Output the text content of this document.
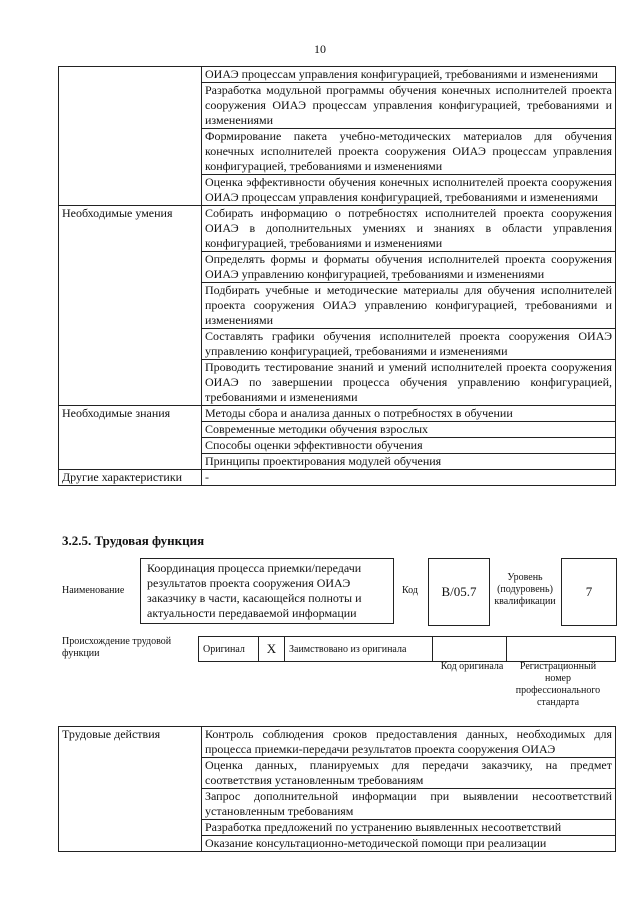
10
	ОИАЭ процессам управления конфигурацией, требованиями и изменениями
	Разработка модульной программы обучения конечных исполнителей проекта сооружения ОИАЭ процессам управления конфигурацией, требованиями и изменениями
	Формирование пакета учебно-методических материалов для обучения конечных исполнителей проекта сооружения ОИАЭ процессам управления конфигурацией, требованиями и изменениями
	Оценка эффективности обучения конечных исполнителей проекта сооружения ОИАЭ процессам управления конфигурацией, требованиями и изменениями
Необходимые умения	Собирать информацию о потребностях исполнителей проекта сооружения ОИАЭ в дополнительных умениях и знаниях в области управления конфигурацией, требованиями и изменениями
	Определять формы и форматы обучения исполнителей проекта сооружения ОИАЭ управлению конфигурацией, требованиями и изменениями
	Подбирать учебные и методические материалы для обучения исполнителей проекта сооружения ОИАЭ управлению конфигурацией, требованиями и изменениями
	Составлять графики обучения исполнителей проекта сооружения ОИАЭ управлению конфигурацией, требованиями и изменениями
	Проводить тестирование знаний и умений исполнителей проекта сооружения ОИАЭ по завершении процесса обучения управлению конфигурацией, требованиями и изменениями
Необходимые знания	Методы сбора и анализа данных о потребностях в обучении
	Современные методики обучения взрослых
	Способы оценки эффективности обучения
	Принципы проектирования модулей обучения
Другие характеристики	-
3.2.5. Трудовая функция
Наименование
Координация процесса приемки/передачи результатов проекта сооружения ОИАЭ заказчику в части, касающейся полноты и актуальности передаваемой информации
Код	B/05.7
Уровень (подуровень) квалификации
7
Происхождение трудовой функции	Оригинал	X	Заимствовано из оригинала
Код оригинала	Регистрационный номер профессионального стандарта
Трудовые действия	Контроль соблюдения сроков предоставления данных, необходимых для процесса приемки-передачи результатов проекта сооружения ОИАЭ
Оценка данных, планируемых для передачи заказчику, на предмет соответствия установленным требованиям
Запрос дополнительной информации при выявлении несоответствий установленным требованиям
Разработка предложений по устранению выявленных несоответствий
Оказание консультационно-методической помощи при реализации
